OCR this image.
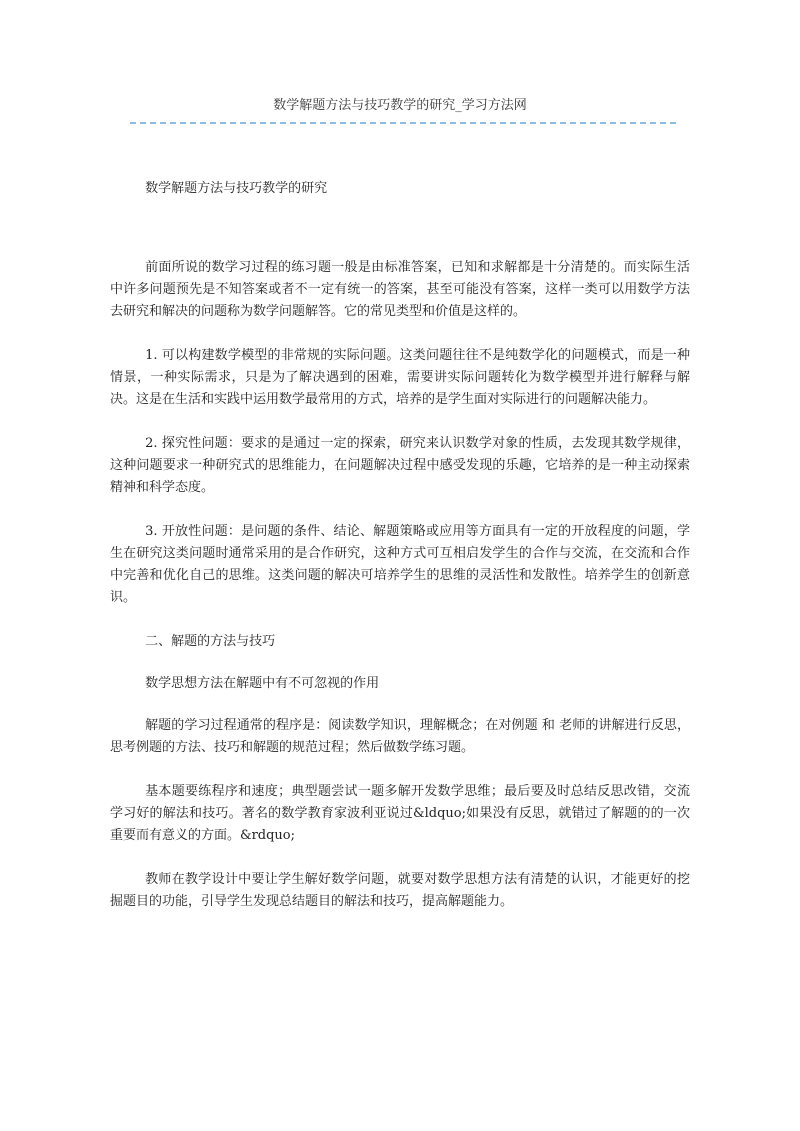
数学解题方法与技巧教学的研究_学习方法网

数学解题方法与技巧教学的研究

前面所说的数学习过程的练习题一般是由标准答案，已知和求解都是十分清楚的。而实际生活中许多问题预先是不知答案或者不一定有统一的答案，甚至可能没有答案，这样一类可以用数学方法去研究和解决的问题称为数学问题解答。它的常见类型和价值是这样的。

1. 可以构建数学模型的非常规的实际问题。这类问题往往不是纯数学化的问题模式，而是一种情景，一种实际需求，只是为了解决遇到的困难，需要讲实际问题转化为数学模型并进行解释与解决。这是在生活和实践中运用数学最常用的方式，培养的是学生面对实际进行的问题解决能力。

2. 探究性问题：要求的是通过一定的探索，研究来认识数学对象的性质，去发现其数学规律，这种问题要求一种研究式的思维能力，在问题解决过程中感受发现的乐趣，它培养的是一种主动探索精神和科学态度。

3. 开放性问题：是问题的条件、结论、解题策略或应用等方面具有一定的开放程度的问题，学生在研究这类问题时通常采用的是合作研究，这种方式可互相启发学生的合作与交流，在交流和合作中完善和优化自己的思维。这类问题的解决可培养学生的思维的灵活性和发散性。培养学生的创新意识。

二、解题的方法与技巧

数学思想方法在解题中有不可忽视的作用

解题的学习过程通常的程序是：阅读数学知识，理解概念；在对例题 和 老师的讲解进行反思，思考例题的方法、技巧和解题的规范过程；然后做数学练习题。

基本题要练程序和速度；典型题尝试一题多解开发数学思维；最后要及时总结反思改错，交流学习好的解法和技巧。著名的数学教育家波利亚说过&ldquo;如果没有反思，就错过了解题的的一次重要而有意义的方面。&rdquo;

教师在教学设计中要让学生解好数学问题，就要对数学思想方法有清楚的认识，才能更好的挖掘题目的功能，引导学生发现总结题目的解法和技巧，提高解题能力。
